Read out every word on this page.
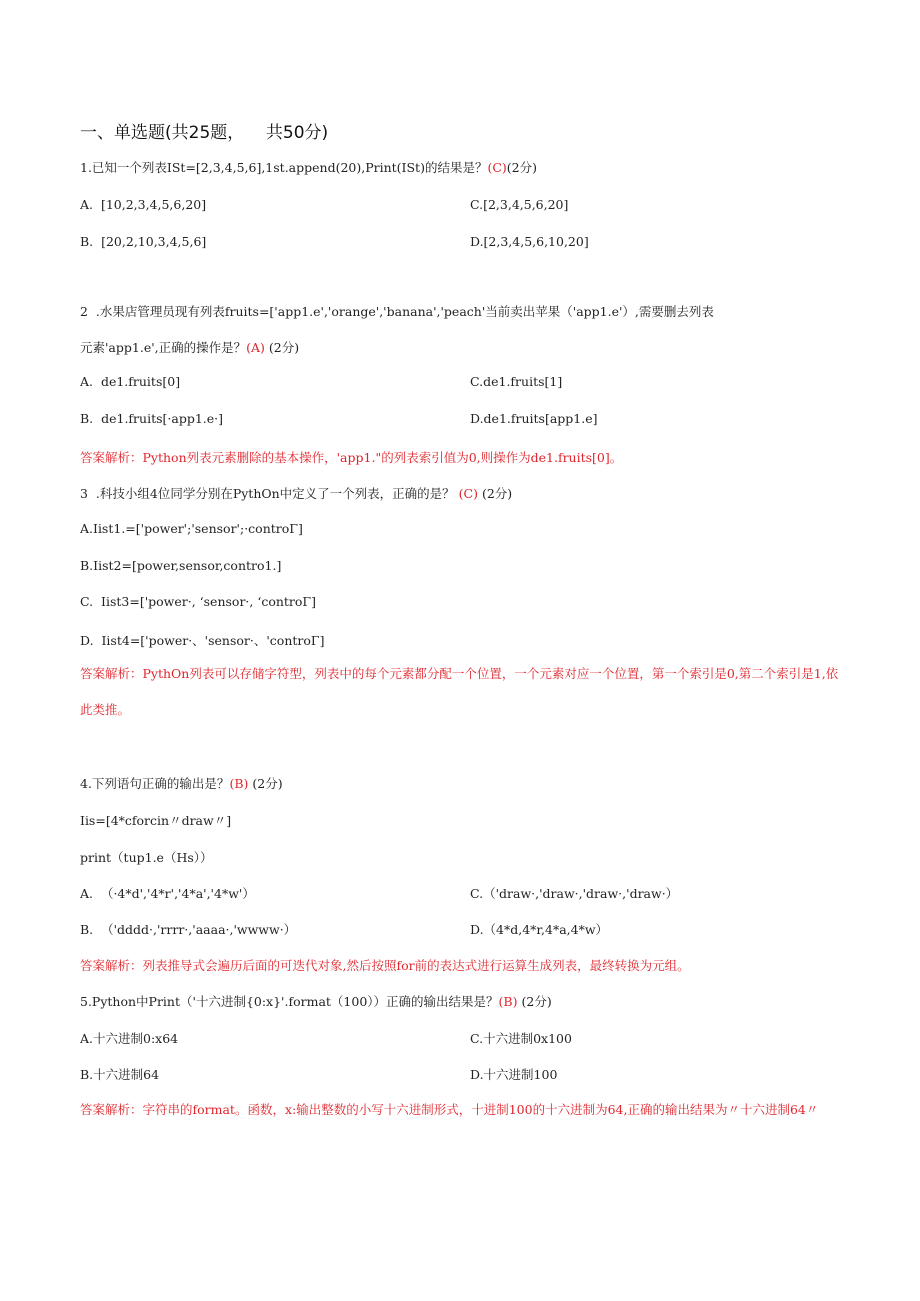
一、单选题(共25题，    共50分)
1.已知一个列表ISt=[2,3,4,5,6],1st.append(20),Print(ISt)的结果是？(C)(2分)
A.  [10,2,3,4,5,6,20]	C.[2,3,4,5,6,20]
B.  [20,2,10,3,4,5,6]	D.[2,3,4,5,6,10,20]
2  .水果店管理员现有列表fruits=['app1.e','orange','banana','peach'当前卖出苹果（'app1.e'）,需要删去列表
元素'app1.e',正确的操作是？(A) (2分)
A.  de1.fruits[0]	C.de1.fruits[1]
B.  de1.fruits[·app1.e·]	D.de1.fruits[app1.e]
答案解析：Python列表元素删除的基本操作，'app1."的列表索引值为0,则操作为de1.fruits[0]。
3  .科技小组4位同学分别在PythOn中定义了一个列表，正确的是？ (C) (2分)
A.Iist1.=['power';'sensor';·controΓ]
B.Iist2=[power,sensor,contro1.]
C.  Iist3=['power·, ‘sensor·, ‘controΓ]
D.  Iist4=['power·、'sensor·、'controΓ]
答案解析：PythOn列表可以存储字符型，列表中的每个元素都分配一个位置，一个元素对应一个位置，第一个索引是0,第二个索引是1,依此类推。
4.下列语句正确的输出是？(B) (2分)
Iis=[4*cforcin〃draw〃]
print（tup1.e（Hs））
A.  （·4*d','4*r','4*a','4*w'）	C.（'draw·,'draw·,'draw·,'draw·）
B.  （'dddd·,'rrrr·,'aaaa·,'wwww·）	D.（4*d,4*r,4*a,4*w）
答案解析：列表推导式会遍历后面的可迭代对象,然后按照for前的表达式进行运算生成列表，最终转换为元组。
5.Python中Print（'十六进制{0:x}'.format（100））正确的输出结果是？(B) (2分)
A.十六进制0:x64	C.十六进制0x100
B.十六进制64	D.十六进制100
答案解析：字符串的format。函数，x:输出整数的小写十六进制形式，十进制100的十六进制为64,正确的输出结果为〃十六进制64〃
